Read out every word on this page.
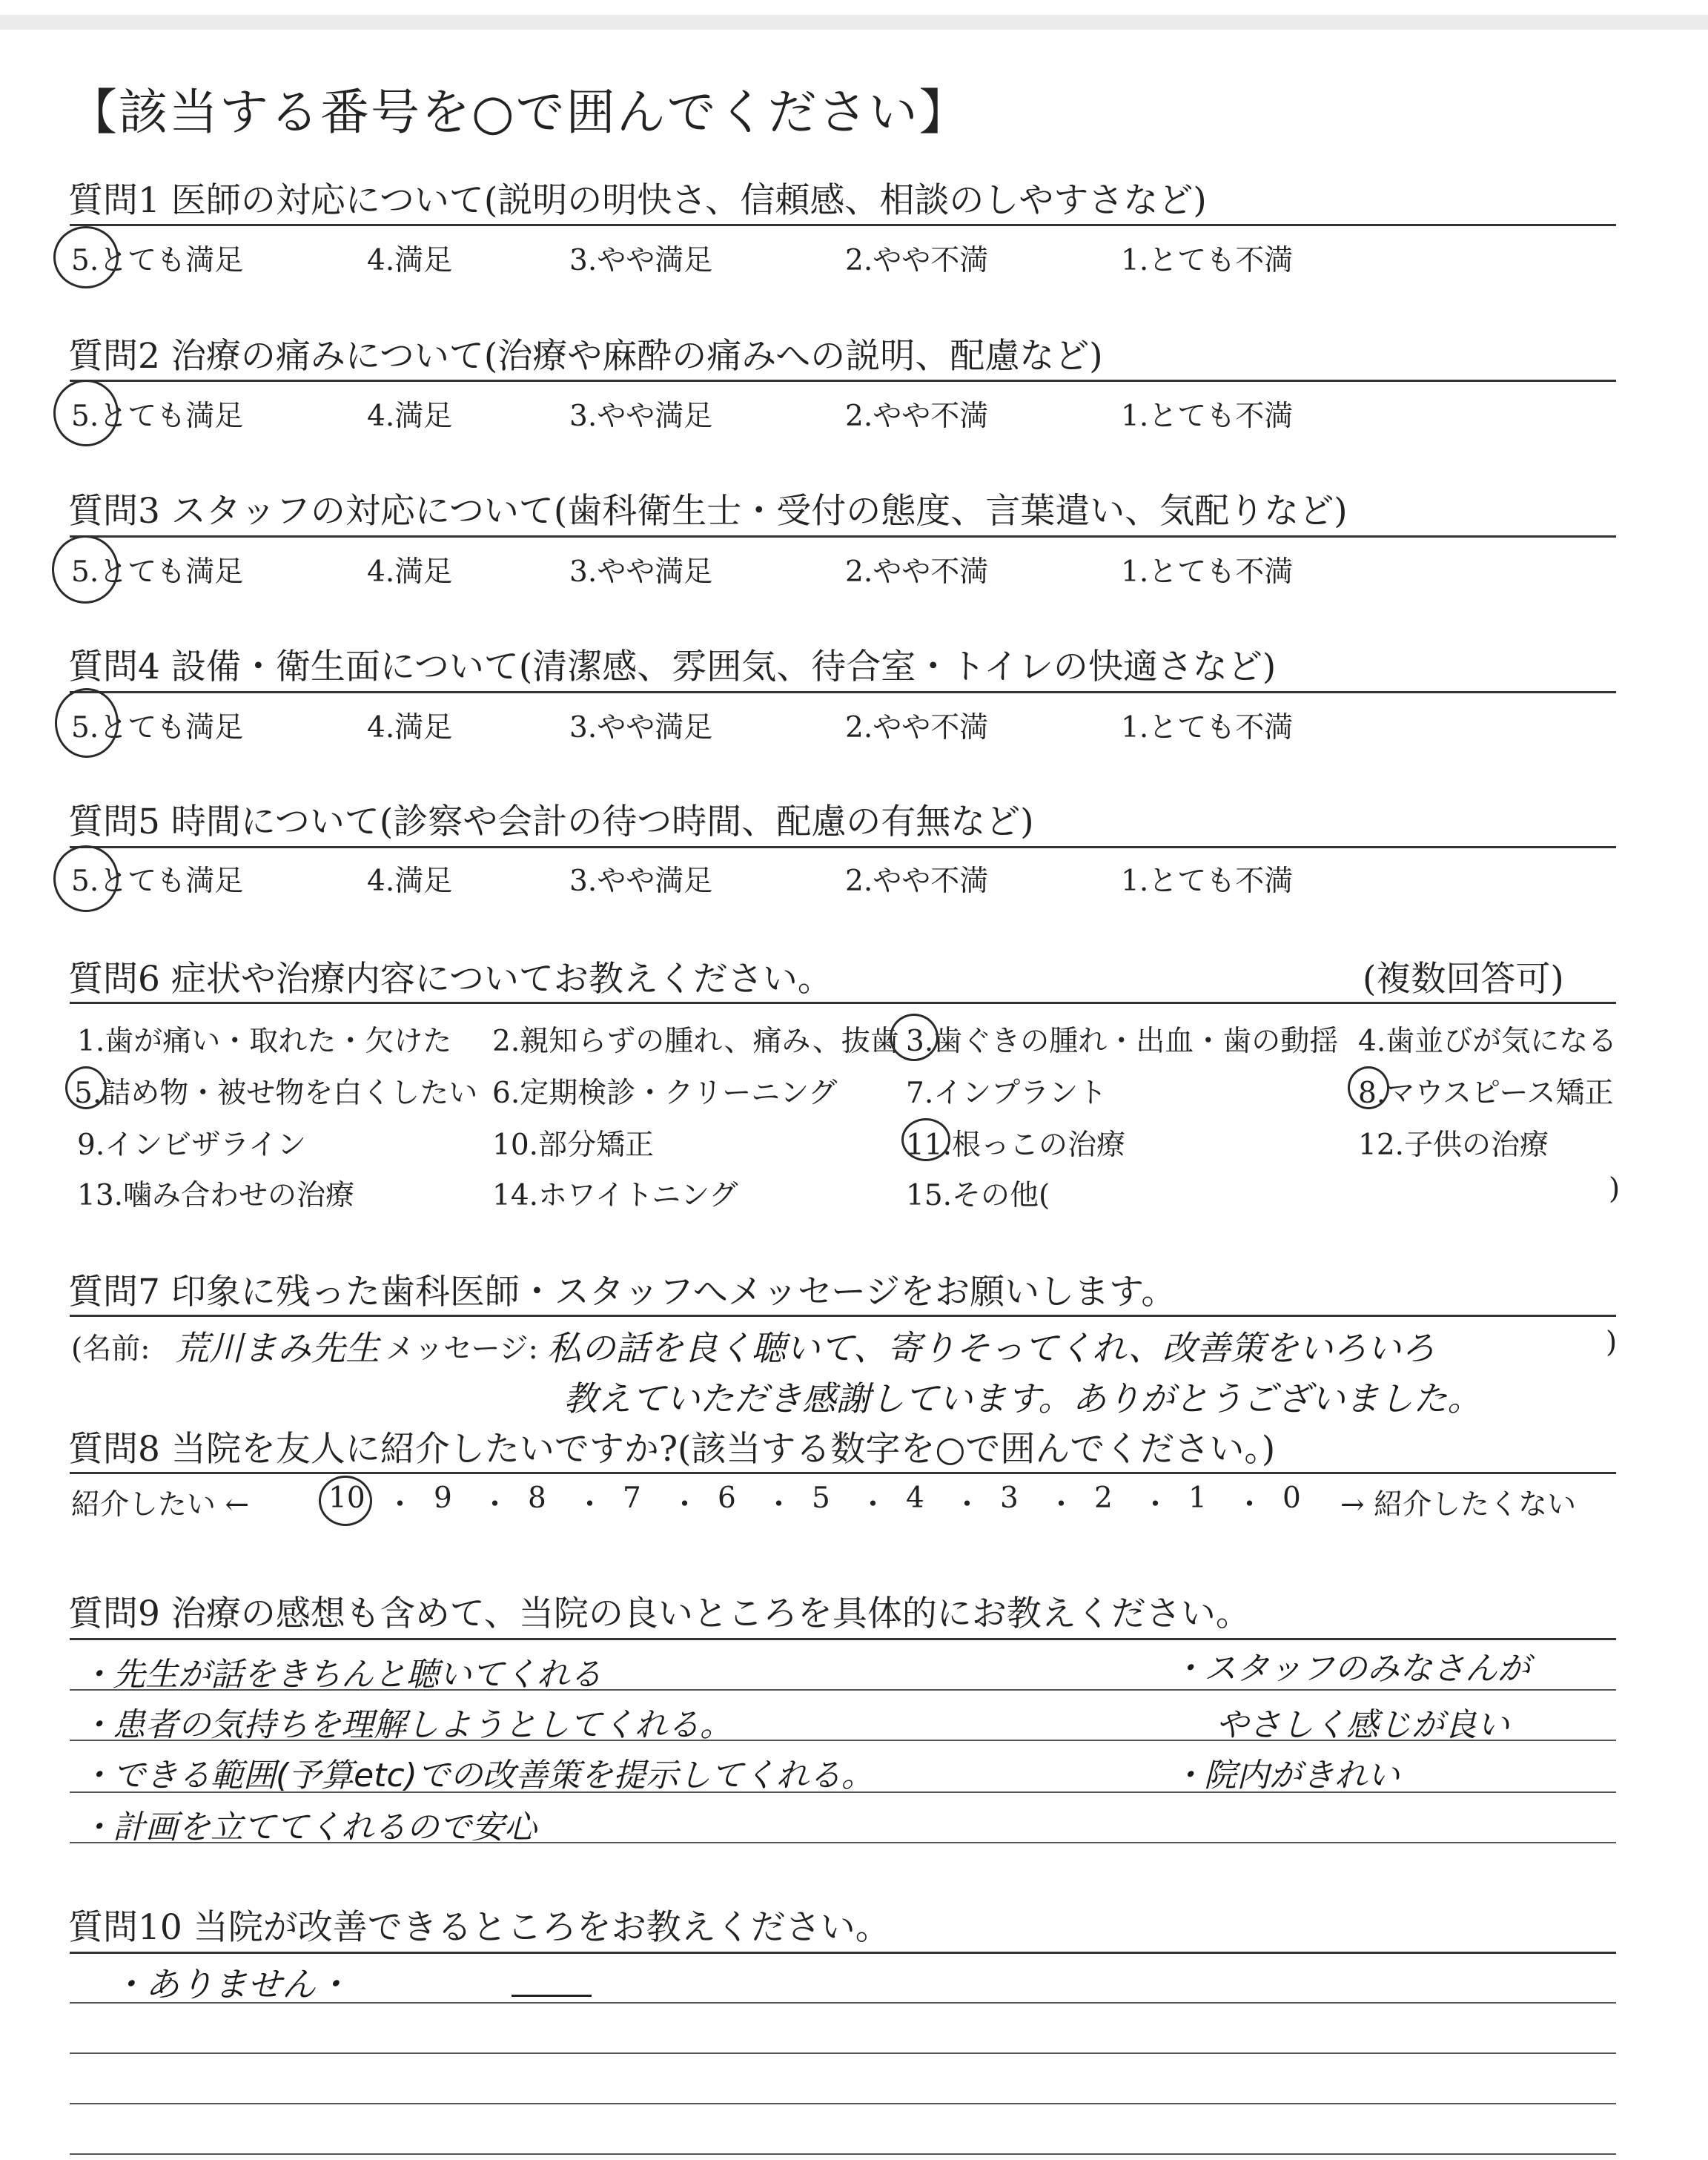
【該当する番号を○で囲んでください】
質問1 医師の対応について(説明の明快さ、信頼感、相談のしやすさなど)
質問2 治療の痛みについて(治療や麻酔の痛みへの説明、配慮など)
質問3 スタッフの対応について(歯科衛生士・受付の態度、言葉遣い、気配りなど)
質問4 設備・衛生面について(清潔感、雰囲気、待合室・トイレの快適さなど)
質問5 時間について(診察や会計の待つ時間、配慮の有無など)
5.とても満足	4.満足	3.やや満足	2.やや不満	1.とても不満
5.とても満足	4.満足	3.やや満足	2.やや不満	1.とても不満
5.とても満足	4.満足	3.やや満足	2.やや不満	1.とても不満
5.とても満足	4.満足	3.やや満足	2.やや不満	1.とても不満
5.とても満足	4.満足	3.やや満足	2.やや不満	1.とても不満
質問6 症状や治療内容についてお教えください。	(複数回答可)
1.歯が痛い・取れた・欠けた 2.親知らずの腫れ、痛み、抜歯 3.歯ぐきの腫れ・出血・歯の動揺 4.歯並びが気になる
5.詰め物・被せ物を白くしたい 6.定期検診・クリーニング 7.インプラント	8.マウスピース矯正
9.インビザライン	10.部分矯正	11.根っこの治療	12.子供の治療
13.噛み合わせの治療	14.ホワイトニング	15.その他(	)
質問7 印象に残った歯科医師・スタッフへメッセージをお願いします。
(名前: 荒川まみ先生 メッセージ: 私の話を良く聴いて、寄りそってくれ、改善策をいろいろ	)
教えていただき感謝しています。ありがとうございました。
質問8 当院を友人に紹介したいですか?(該当する数字を○で囲んでください。)
紹介したい ←	→ 紹介したくない
10 9	8	7	6	5	4	3	2	1	0
・ ・ ・ ・ ・ ・ ・ ・ ・ ・
質問9 治療の感想も含めて、当院の良いところを具体的にお教えください。
・先生が話をきちんと聴いてくれる
・患者の気持ちを理解しようとしてくれる。
・できる範囲(予算etc)での改善策を提示してくれる。
・計画を立ててくれるので安心
・スタッフのみなさんが
やさしく感じが良い
・院内がきれい
質問10 当院が改善できるところをお教えください。
・ありません・
